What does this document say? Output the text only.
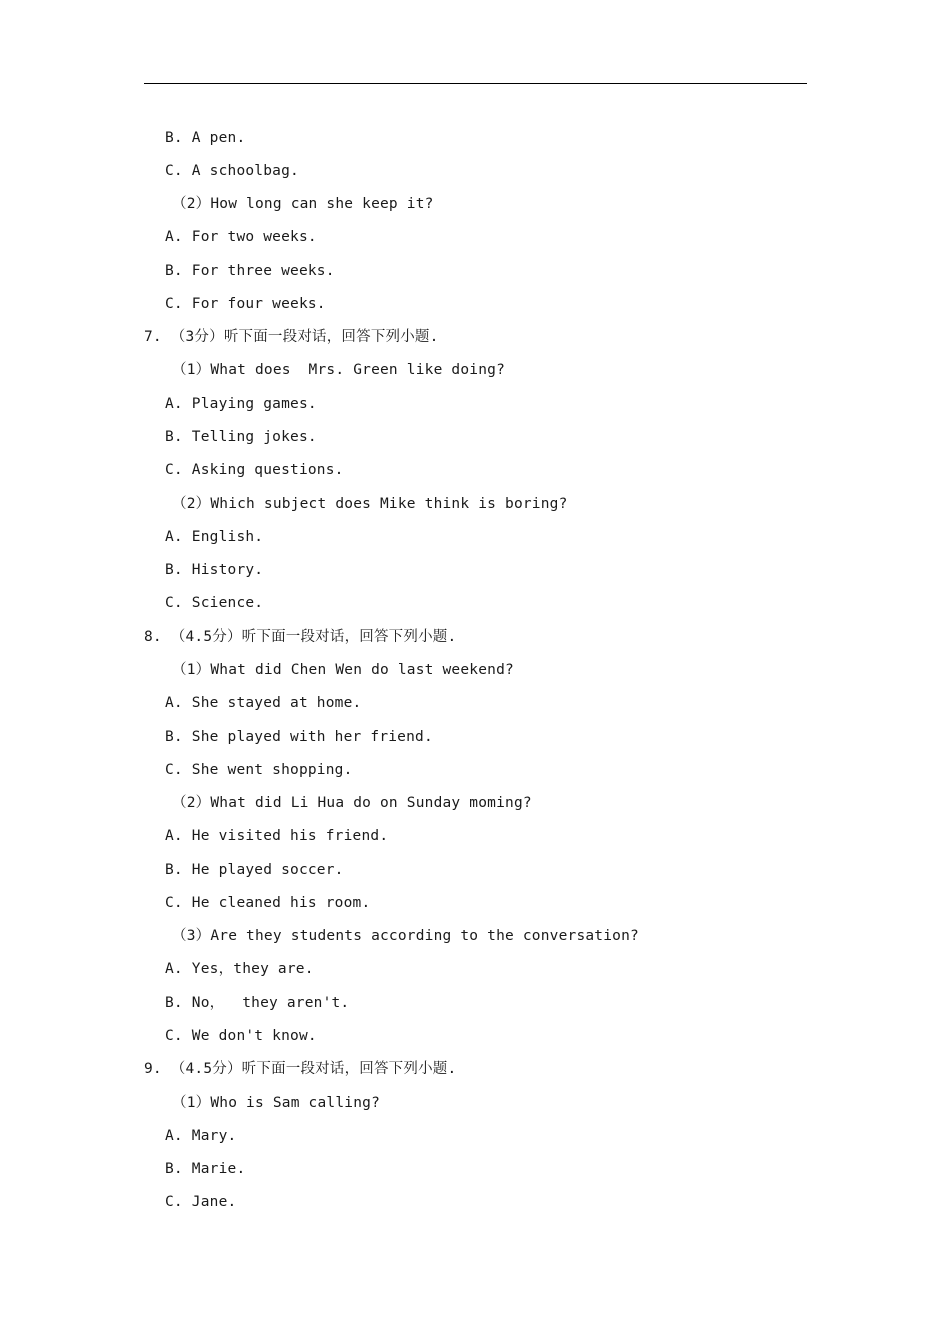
B. A pen.
C. A schoolbag.
（2）How long can she keep it?
A. For two weeks.
B. For three weeks.
C. For four weeks.
7. （3分）听下面一段对话，回答下列小题.
（1）What does  Mrs. Green like doing?
A. Playing games.
B. Telling jokes.
C. Asking questions.
（2）Which subject does Mike think is boring?
A. English.
B. History.
C. Science.
8. （4.5分）听下面一段对话，回答下列小题.
（1）What did Chen Wen do last weekend?
A. She stayed at home.
B. She played with her friend.
C. She went shopping.
（2）What did Li Hua do on Sunday moming?
A. He visited his friend.
B. He played soccer.
C. He cleaned his room.
（3）Are they students according to the conversation?
A. Yes，they are.
B. No，  they aren't.
C. We don't know.
9. （4.5分）听下面一段对话，回答下列小题.
（1）Who is Sam calling?
A. Mary.
B. Marie.
C. Jane.
